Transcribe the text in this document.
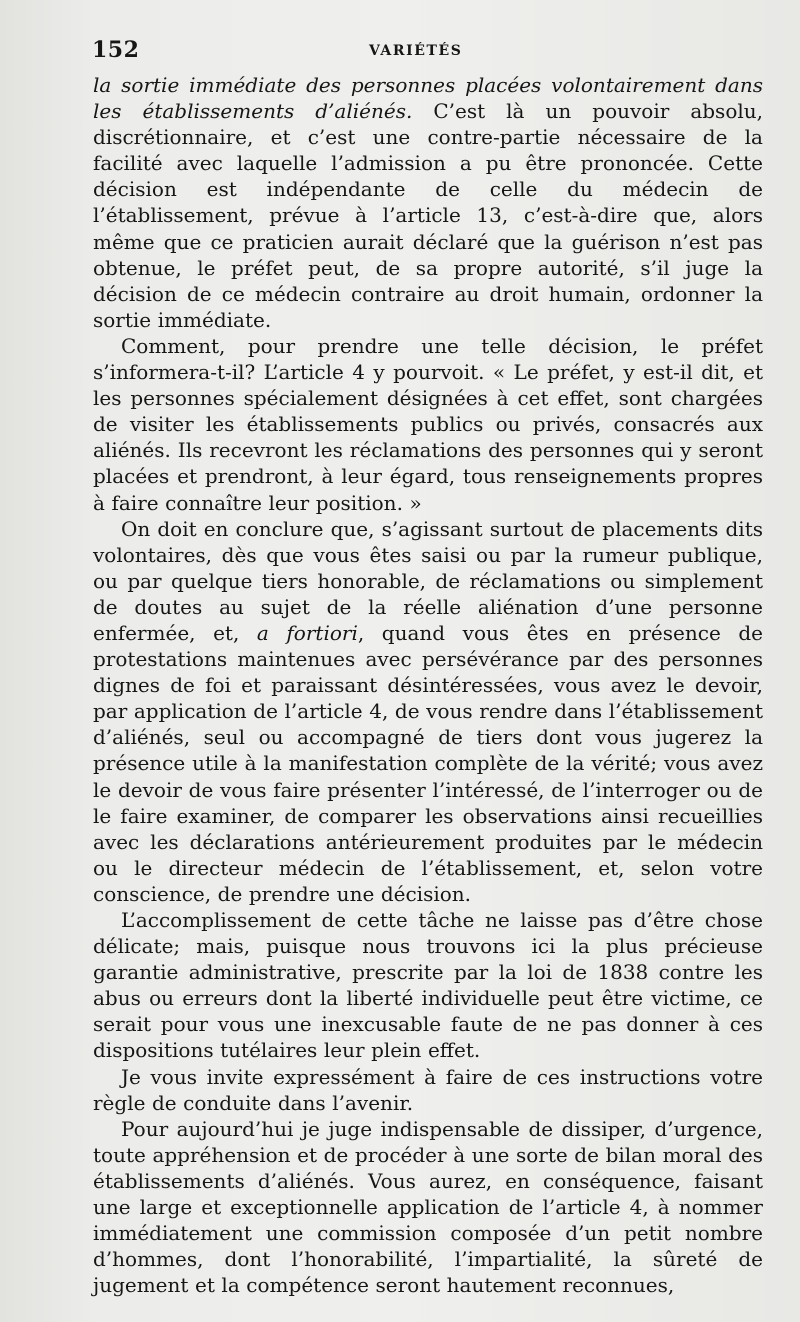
152	VARIÉTÉS

la sortie immédiate des personnes placées volontairement dans les établissements d’aliénés. C’est là un pouvoir absolu, discrétionnaire, et c’est une contre-partie nécessaire de la facilité avec laquelle l’admission a pu être prononcée. Cette décision est indépendante de celle du médecin de l’établissement, prévue à l’article 13, c’est-à-dire que, alors même que ce praticien aurait déclaré que la guérison n’est pas obtenue, le préfet peut, de sa propre autorité, s’il juge la décision de ce médecin contraire au droit humain, ordonner la sortie immédiate.

Comment, pour prendre une telle décision, le préfet s’informera-t-il? L’article 4 y pourvoit. « Le préfet, y est-il dit, et les personnes spécialement désignées à cet effet, sont chargées de visiter les établissements publics ou privés, consacrés aux aliénés. Ils recevront les réclamations des personnes qui y seront placées et prendront, à leur égard, tous renseignements propres à faire connaître leur position. »

On doit en conclure que, s’agissant surtout de placements dits volontaires, dès que vous êtes saisi ou par la rumeur publique, ou par quelque tiers honorable, de réclamations ou simplement de doutes au sujet de la réelle aliénation d’une personne enfermée, et, a fortiori, quand vous êtes en présence de protestations maintenues avec persévérance par des personnes dignes de foi et paraissant désintéressées, vous avez le devoir, par application de l’article 4, de vous rendre dans l’établissement d’aliénés, seul ou accompagné de tiers dont vous jugerez la présence utile à la manifestation complète de la vérité; vous avez le devoir de vous faire présenter l’intéressé, de l’interroger ou de le faire examiner, de comparer les observations ainsi recueillies avec les déclarations antérieurement produites par le médecin ou le directeur médecin de l’établissement, et, selon votre conscience, de prendre une décision.

L’accomplissement de cette tâche ne laisse pas d’être chose délicate; mais, puisque nous trouvons ici la plus précieuse garantie administrative, prescrite par la loi de 1838 contre les abus ou erreurs dont la liberté individuelle peut être victime, ce serait pour vous une inexcusable faute de ne pas donner à ces dispositions tutélaires leur plein effet.

Je vous invite expressément à faire de ces instructions votre règle de conduite dans l’avenir.

Pour aujourd’hui je juge indispensable de dissiper, d’urgence, toute appréhension et de procéder à une sorte de bilan moral des établissements d’aliénés. Vous aurez, en conséquence, faisant une large et exceptionnelle application de l’article 4, à nommer immédiatement une commission composée d’un petit nombre d’hommes, dont l’honorabilité, l’impartialité, la sûreté de jugement et la compétence seront hautement reconnues,
